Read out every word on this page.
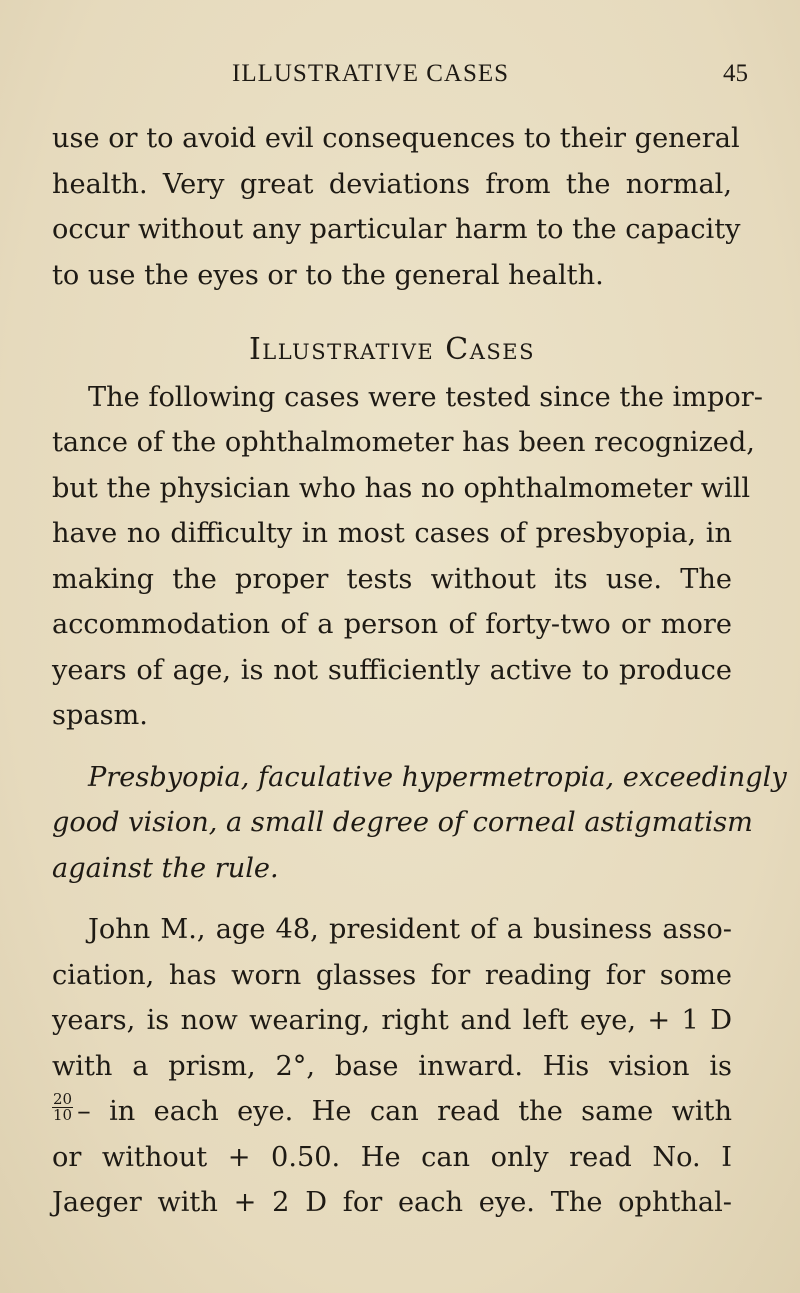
ILLUSTRATIVE CASES	45
use or to avoid evil consequences to their general
health. Very great deviations from the normal,
occur without any particular harm to the capacity
to use the eyes or to the general health.
Illustrative Cases
The following cases were tested since the impor-
tance of the ophthalmometer has been recognized,
but the physician who has no ophthalmometer will
have no difficulty in most cases of presbyopia, in
making the proper tests without its use. The
accommodation of a person of forty-two or more
years of age, is not sufficiently active to produce
spasm.
Presbyopia, faculative hypermetropia, exceedingly
good vision, a small degree of corneal astigmatism
against the rule.
John M., age 48, president of a business asso-
ciation, has worn glasses for reading for some
years, is now wearing, right and left eye, + 1 D
with a prism, 2°, base inward. His vision is
$\frac{20}{10}$ – in each eye. He can read the same with
or without + 0.50. He can only read No. I
Jaeger with + 2 D for each eye. The ophthal-
